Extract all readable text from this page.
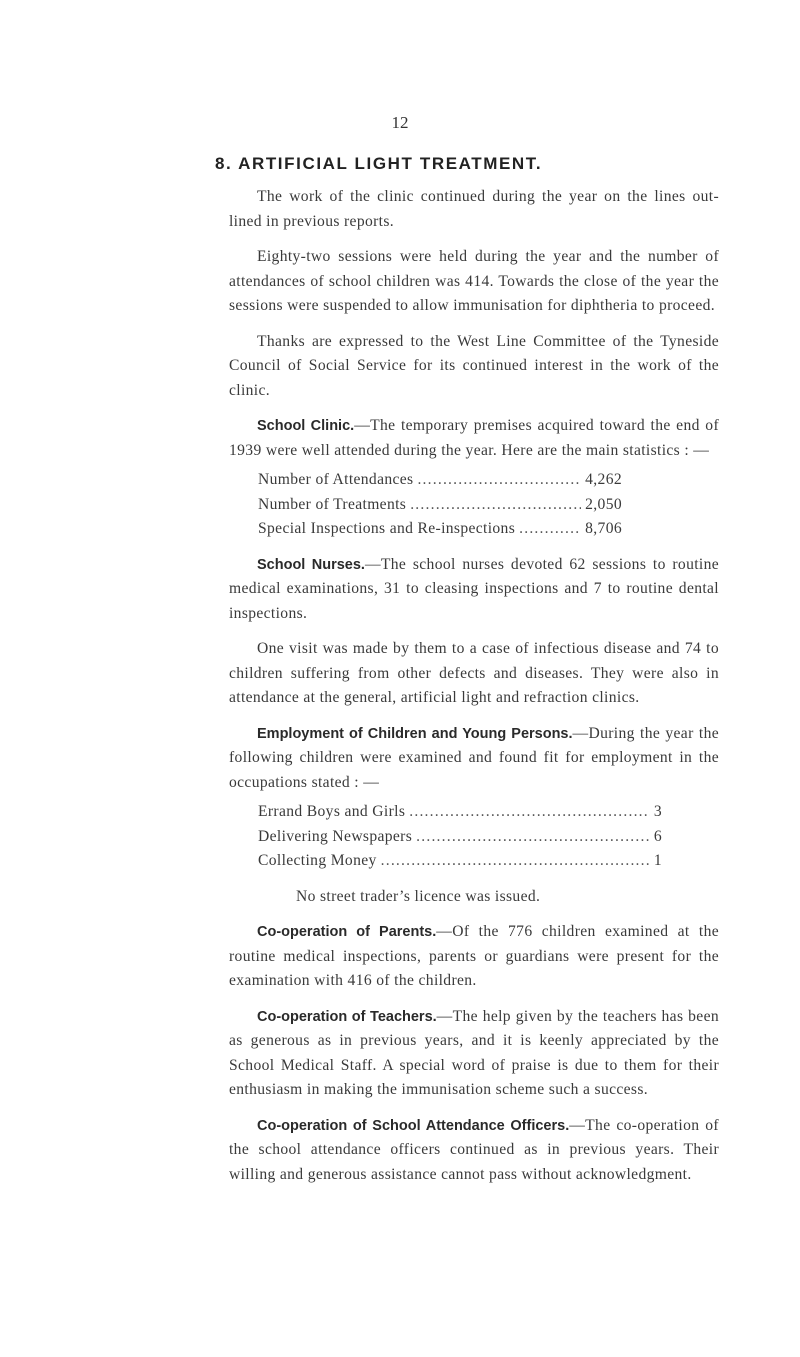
12
8. ARTIFICIAL LIGHT TREATMENT.

The work of the clinic continued during the year on the lines out-lined in previous reports.

Eighty-two sessions were held during the year and the number of attendances of school children was 414. Towards the close of the year the sessions were suspended to allow immunisation for diphtheria to proceed.

Thanks are expressed to the West Line Committee of the Tyneside Council of Social Service for its continued interest in the work of the clinic.

School Clinic.—The temporary premises acquired toward the end of 1939 were well attended during the year. Here are the main statistics : —

Number of Attendances .....	4,262
Number of Treatments .....	2,050
Special Inspections and Re-inspections .....	8,706

School Nurses.—The school nurses devoted 62 sessions to routine medical examinations, 31 to cleasing inspections and 7 to routine dental inspections.

One visit was made by them to a case of infectious disease and 74 to children suffering from other defects and diseases. They were also in attendance at the general, artificial light and refraction clinics.

Employment of Children and Young Persons.—During the year the following children were examined and found fit for employment in the occupations stated : —

Errand Boys and Girls .....	3
Delivering Newspapers .....	6
Collecting Money .....	1
No street trader’s licence was issued.

Co-operation of Parents.—Of the 776 children examined at the routine medical inspections, parents or guardians were present for the examination with 416 of the children.

Co-operation of Teachers.—The help given by the teachers has been as generous as in previous years, and it is keenly appreciated by the School Medical Staff. A special word of praise is due to them for their enthusiasm in making the immunisation scheme such a success.

Co-operation of School Attendance Officers.—The co-operation of the school attendance officers continued as in previous years. Their willing and generous assistance cannot pass without acknowledgment.
